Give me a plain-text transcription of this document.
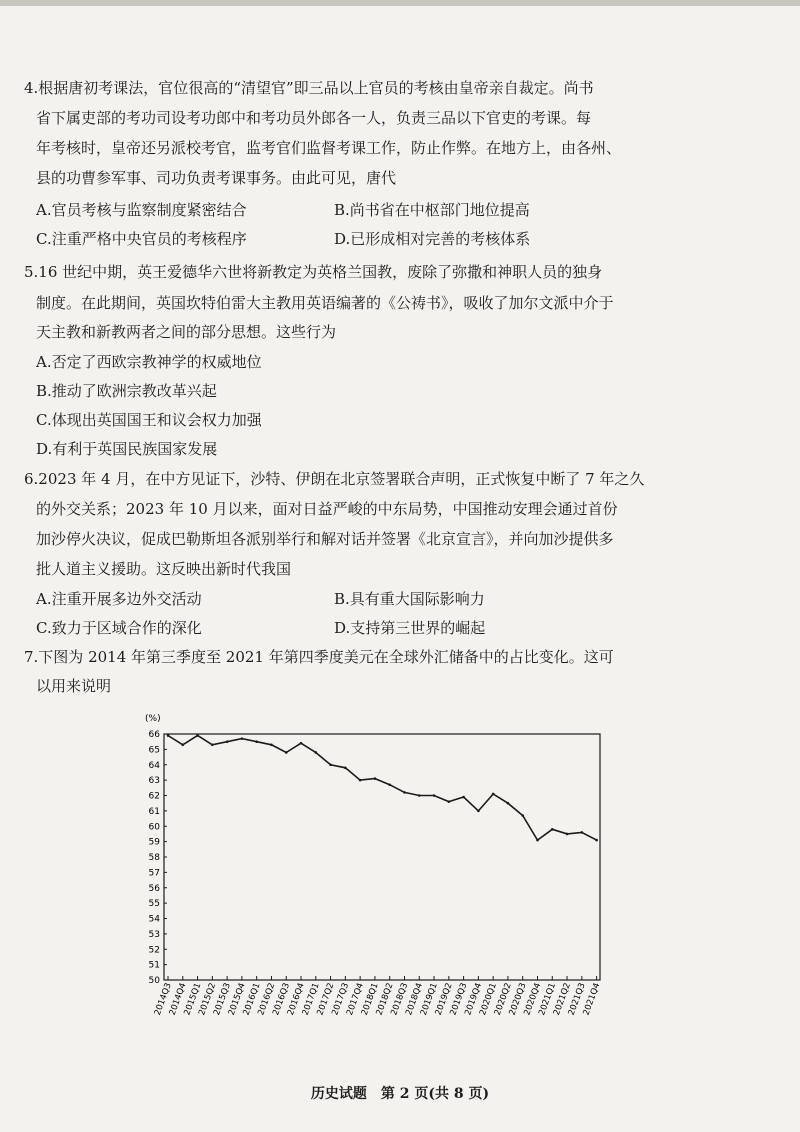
4.根据唐初考课法，官位很高的“清望官”即三品以上官员的考核由皇帝亲自裁定。尚书
省下属吏部的考功司设考功郎中和考功员外郎各一人，负责三品以下官吏的考课。每
年考核时，皇帝还另派校考官，监考官们监督考课工作，防止作弊。在地方上，由各州、
县的功曹参军事、司功负责考课事务。由此可见，唐代
A.官员考核与监察制度紧密结合	B.尚书省在中枢部门地位提高
C.注重严格中央官员的考核程序	D.已形成相对完善的考核体系
5.16 世纪中期，英王爱德华六世将新教定为英格兰国教，废除了弥撒和神职人员的独身
制度。在此期间，英国坎特伯雷大主教用英语编著的《公祷书》，吸收了加尔文派中介于
天主教和新教两者之间的部分思想。这些行为
A.否定了西欧宗教神学的权威地位
B.推动了欧洲宗教改革兴起
C.体现出英国国王和议会权力加强
D.有利于英国民族国家发展
6.2023 年 4 月，在中方见证下，沙特、伊朗在北京签署联合声明，正式恢复中断了 7 年之久
的外交关系；2023 年 10 月以来，面对日益严峻的中东局势，中国推动安理会通过首份
加沙停火决议，促成巴勒斯坦各派别举行和解对话并签署《北京宣言》，并向加沙提供多
批人道主义援助。这反映出新时代我国
A.注重开展多边外交活动	B.具有重大国际影响力
C.致力于区域合作的深化	D.支持第三世界的崛起
7.下图为 2014 年第三季度至 2021 年第四季度美元在全球外汇储备中的占比变化。这可
以用来说明
(%)
66
65
64
63
62
61
60
59
58
57
56
55
54
53
52
51
50
2014Q3
2014Q4
2015Q1
2015Q2
2015Q3
2015Q4
2016Q1
2016Q2
2016Q3
2016Q4
2017Q1
2017Q2
2017Q3
2017Q4
2018Q1
2018Q2
2018Q3
2018Q4
2019Q1
2019Q2
2019Q3
2019Q4
2020Q1
2020Q2
2020Q3
2020Q4
2021Q1
2021Q2
2021Q3
2021Q4
历史试题　第 2 页(共 8 页)
